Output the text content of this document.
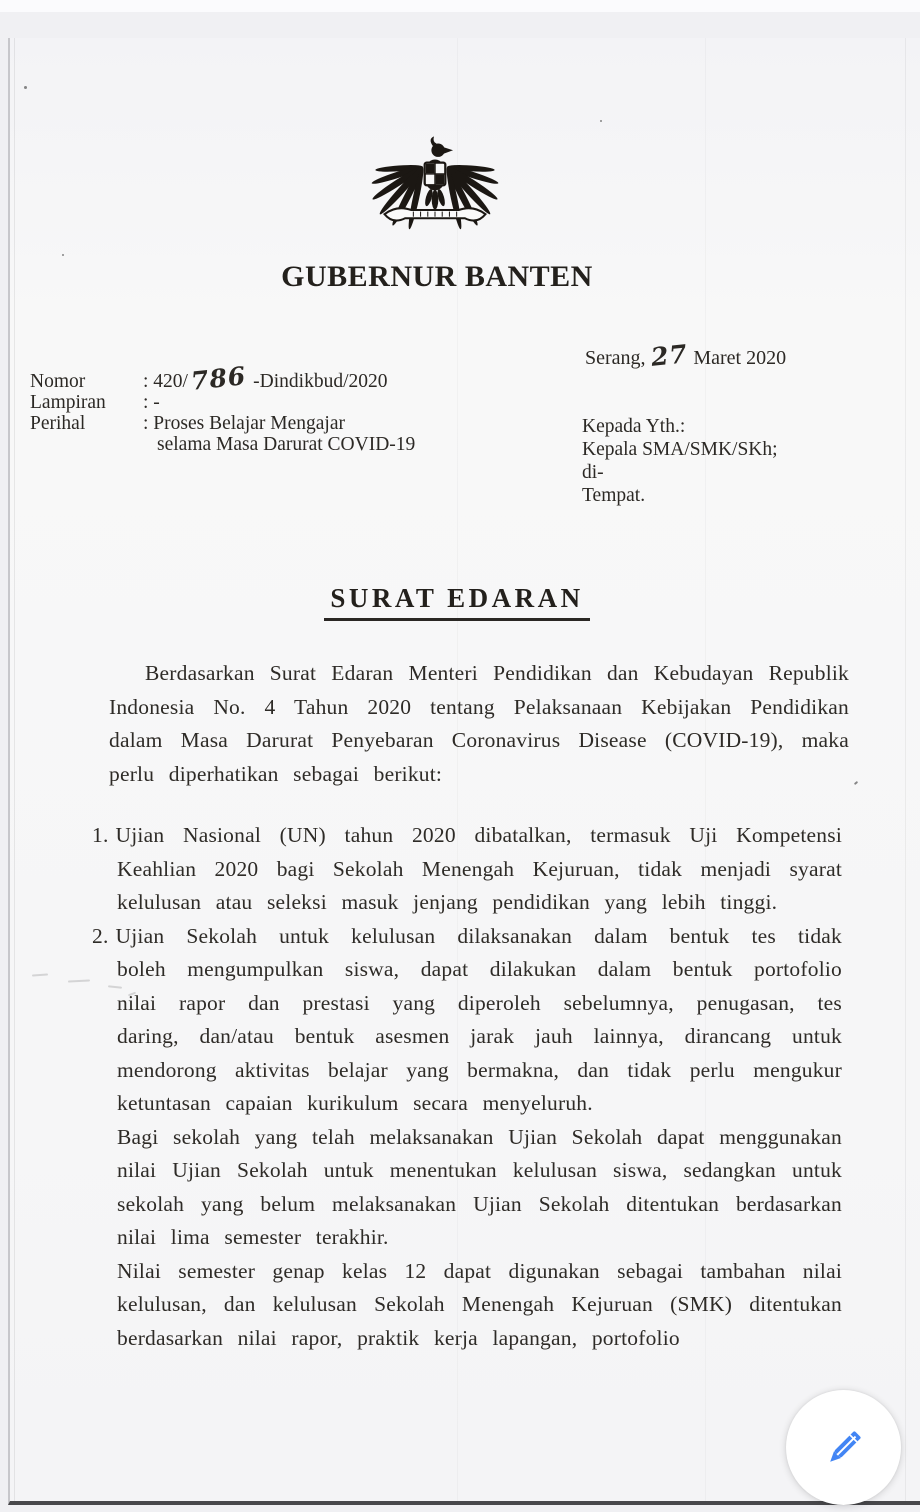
GUBERNUR BANTEN
Serang, 27 Maret 2020
Nomor	: 420/786 -Dindikbud/2020
Lampiran : -
Perihal	: Proses Belajar Mengajar
selama Masa Darurat COVID-19
Kepada Yth.:
Kepala SMA/SMK/SKh;
di-
Tempat.
SURAT EDARAN
Berdasarkan Surat Edaran Menteri Pendidikan dan Kebudayan Republik Indonesia No. 4 Tahun 2020 tentang Pelaksanaan Kebijakan Pendidikan dalam Masa Darurat Penyebaran Coronavirus Disease (COVID-19), maka perlu diperhatikan sebagai berikut:

1. Ujian Nasional (UN) tahun 2020 dibatalkan, termasuk Uji Kompetensi Keahlian 2020 bagi Sekolah Menengah Kejuruan, tidak menjadi syarat kelulusan atau seleksi masuk jenjang pendidikan yang lebih tinggi.

2. Ujian Sekolah untuk kelulusan dilaksanakan dalam bentuk tes tidak boleh mengumpulkan siswa, dapat dilakukan dalam bentuk portofolio nilai rapor dan prestasi yang diperoleh sebelumnya, penugasan, tes daring, dan/atau bentuk asesmen jarak jauh lainnya, dirancang untuk mendorong aktivitas belajar yang bermakna, dan tidak perlu mengukur ketuntasan capaian kurikulum secara menyeluruh.

Bagi sekolah yang telah melaksanakan Ujian Sekolah dapat menggunakan nilai Ujian Sekolah untuk menentukan kelulusan siswa, sedangkan untuk sekolah yang belum melaksanakan Ujian Sekolah ditentukan berdasarkan nilai lima semester terakhir.

Nilai semester genap kelas 12 dapat digunakan sebagai tambahan nilai kelulusan, dan kelulusan Sekolah Menengah Kejuruan (SMK) ditentukan berdasarkan nilai rapor, praktik kerja lapangan, portofolio
